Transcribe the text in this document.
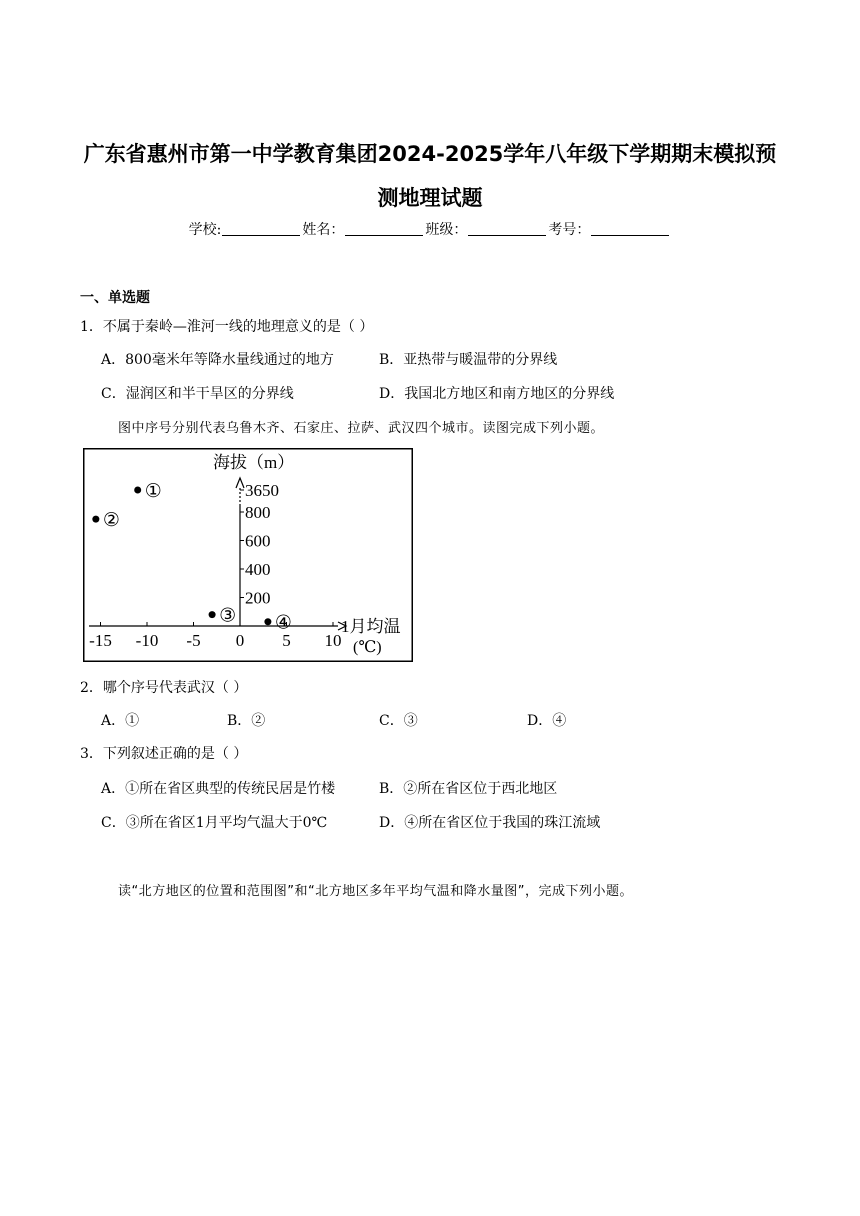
广东省惠州市第一中学教育集团2024-2025学年八年级下学期期末模拟预
测地理试题
学校:	姓名：	班级：	考号：
一、单选题
1．不属于秦岭—淮河一线的地理意义的是（ ）
A．800毫米年等降水量线通过的地方	B．亚热带与暖温带的分界线
C．湿润区和半干旱区的分界线	D．我国北方地区和南方地区的分界线
图中序号分别代表乌鲁木齐、石家庄、拉萨、武汉四个城市。读图完成下列小题。
海拔（m）
1月均温
(℃)
-15 -10 -5 0 5 10
200
400
600
800
3650
①
②
③ ④
2．哪个序号代表武汉（ ）
A．①	B．②	C．③	D．④
3．下列叙述正确的是（ ）
A．①所在省区典型的传统民居是竹楼	B．②所在省区位于西北地区
C．③所在省区1月平均气温大于0℃	D．④所在省区位于我国的珠江流域
读“北方地区的位置和范围图”和“北方地区多年平均气温和降水量图”，完成下列小题。
